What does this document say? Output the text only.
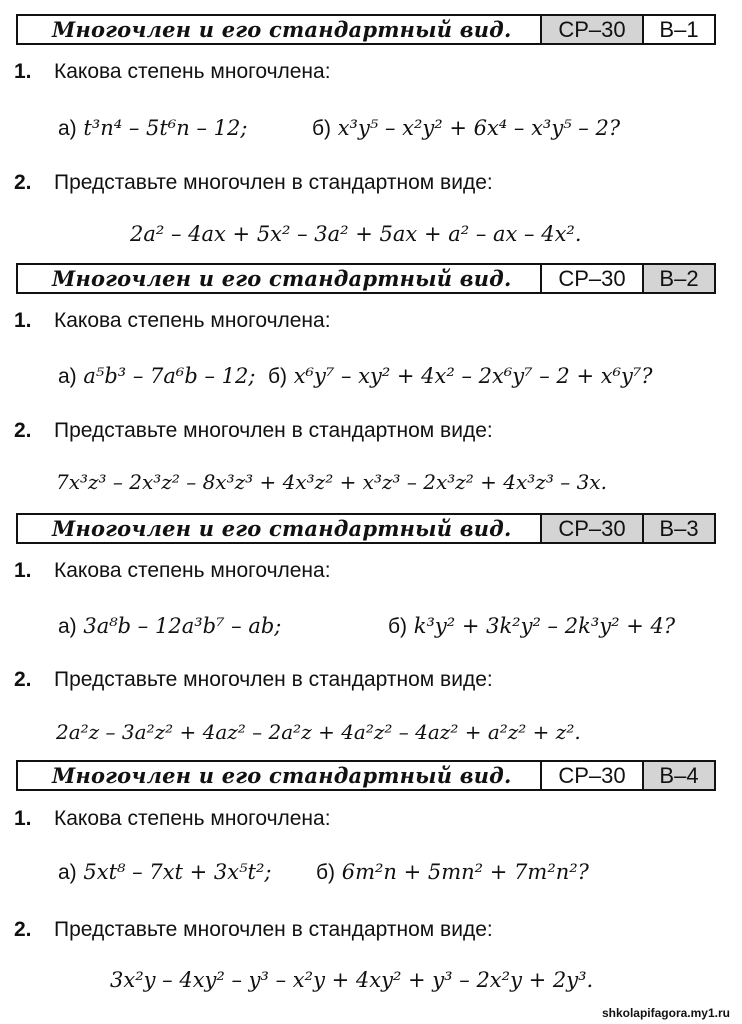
Многочлен и его стандартный вид.	СР–30	В–1
1. Какова степень многочлена:
а) t³n⁴ – 5t⁶n – 12;	б) x³y⁵ – x²y² + 6x⁴ – x³y⁵ – 2?
2. Представьте многочлен в стандартном виде:
2a² – 4ax + 5x² – 3a² + 5ax + a² – ax – 4x².
Многочлен и его стандартный вид.	СР–30	В–2
1. Какова степень многочлена:
а) a⁵b³ – 7a⁶b – 12; б) x⁶y⁷ – xy² + 4x² – 2x⁶y⁷ – 2 + x⁶y⁷?
2. Представьте многочлен в стандартном виде:
7x³z³ – 2x³z² – 8x³z³ + 4x³z² + x³z³ – 2x³z² + 4x³z³ – 3x.
Многочлен и его стандартный вид.	СР–30	В–3
1. Какова степень многочлена:
а) 3a⁸b – 12a³b⁷ – ab;	б) k³y² + 3k²y² – 2k³y² + 4?
2. Представьте многочлен в стандартном виде:
2a²z – 3a²z² + 4az² – 2a²z + 4a²z² – 4az² + a²z² + z².
Многочлен и его стандартный вид.	СР–30	В–4
1. Какова степень многочлена:
а) 5xt⁸ – 7xt + 3x⁵t²; б) 6m²n + 5mn² + 7m²n²?
2. Представьте многочлен в стандартном виде:
3x²y – 4xy² – y³ – x²y + 4xy² + y³ – 2x²y + 2y³.
shkolapifagora.my1.ru
